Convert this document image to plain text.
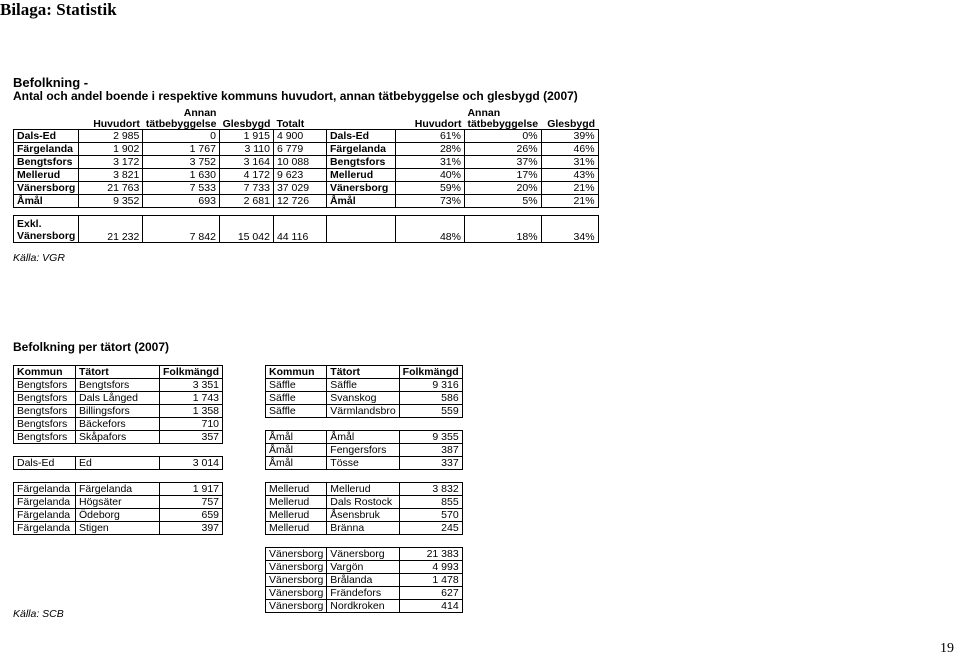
Bilaga: Statistik
Befolkning -
Antal och andel boende i respektive kommuns huvudort, annan tätbebyggelse och glesbygd (2007)
	Huvudort	Annan tätbebyggelse	Glesbygd	Totalt		Huvudort	Annan tätbebyggelse	Glesbygd
Dals-Ed	2 985	0	1 915	4 900	Dals-Ed	61%	0%	39%
Färgelanda	1 902	1 767	3 110	6 779	Färgelanda	28%	26%	46%
Bengtsfors	3 172	3 752	3 164	10 088	Bengtsfors	31%	37%	31%
Mellerud	3 821	1 630	4 172	9 623	Mellerud	40%	17%	43%
Vänersborg	21 763	7 533	7 733	37 029	Vänersborg	59%	20%	21%
Åmål	9 352	693	2 681	12 726	Åmål	73%	5%	21%

Exkl.
Vänersborg	21 232	7 842	15 042	44 116		48%	18%	34%
Källa: VGR
Befolkning per tätort (2007)
Kommun	Tätort	Folkmängd
Bengtsfors	Bengtsfors	3 351
Bengtsfors	Dals Långed	1 743
Bengtsfors	Billingsfors	1 358
Bengtsfors	Bäckefors	710
Bengtsfors	Skåpafors	357

Dals-Ed	Ed	3 014

Färgelanda	Färgelanda	1 917
Färgelanda	Högsäter	757
Färgelanda	Ödeborg	659
Färgelanda	Stigen	397
Kommun	Tätort	Folkmängd
Säffle	Säffle	9 316
Säffle	Svanskog	586
Säffle	Värmlandsbro	559

Åmål	Åmål	9 355
Åmål	Fengersfors	387
Åmål	Tösse	337

Mellerud	Mellerud	3 832
Mellerud	Dals Rostock	855
Mellerud	Åsensbruk	570
Mellerud	Bränna	245

Vänersborg	Vänersborg	21 383
Vänersborg	Vargön	4 993
Vänersborg	Brålanda	1 478
Vänersborg	Frändefors	627
Vänersborg	Nordkroken	414
Källa: SCB
19
